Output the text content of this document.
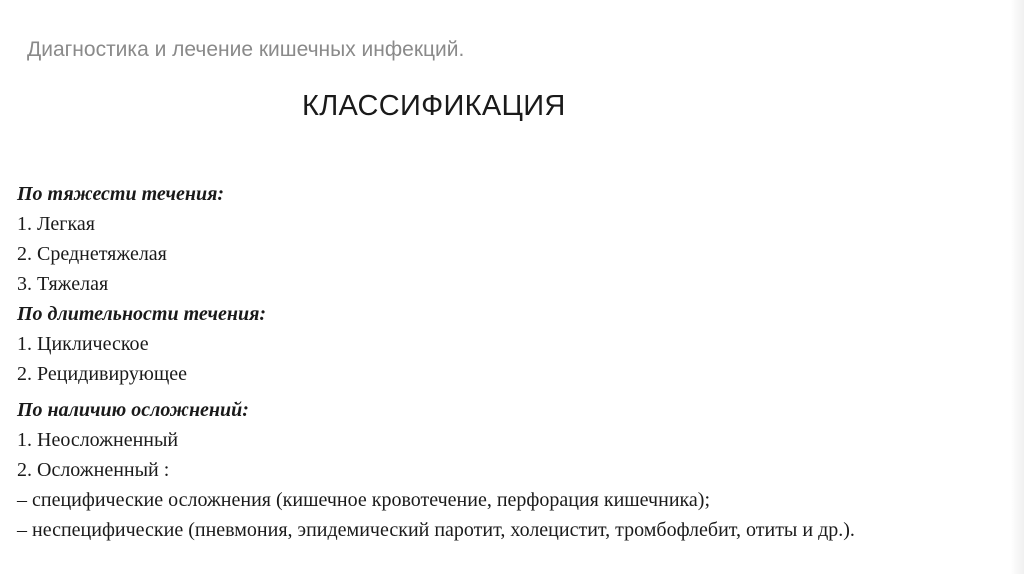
Диагностика и лечение кишечных инфекций.
КЛАССИФИКАЦИЯ
По тяжести течения:
1. Легкая
2. Среднетяжелая
3. Тяжелая
По длительности течения:
1. Циклическое
2. Рецидивирующее
По наличию осложнений:
1. Неосложненный
2. Осложненный :
– специфические осложнения (кишечное кровотечение, перфорация кишечника);
– неспецифические (пневмония, эпидемический паротит, холецистит, тромбофлебит, отиты и др.).
